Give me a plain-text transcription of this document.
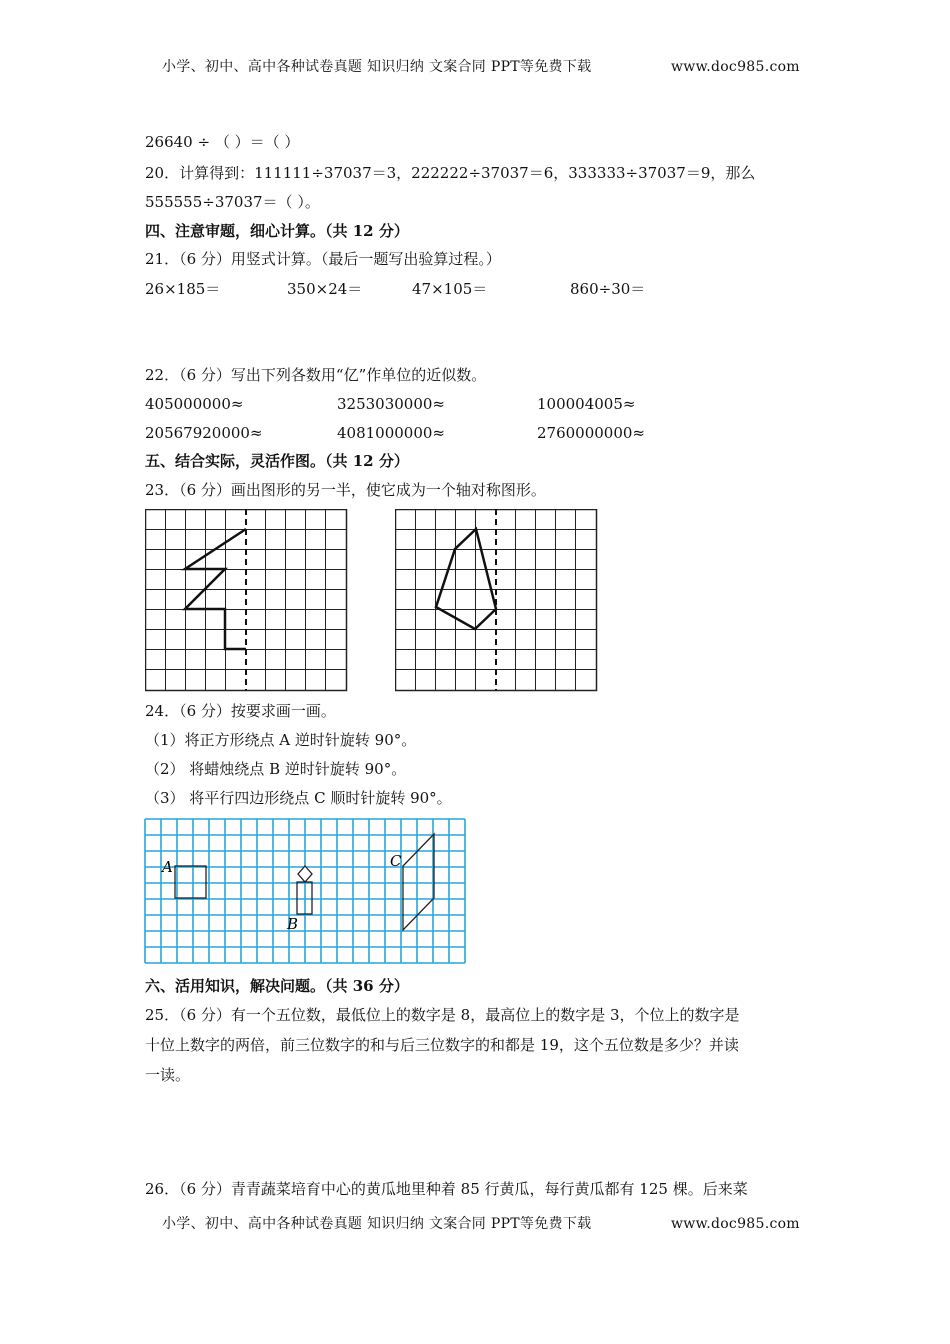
小学、初中、高中各种试卷真题 知识归纳 文案合同 PPT等免费下载	www.doc985.com
26640 ÷ （ ）＝（ ）
20．计算得到：111111÷37037＝3，222222÷37037＝6，333333÷37037＝9，那么
555555÷37037＝（ ）。
四、注意审题，细心计算。（共 12 分）
21．（6 分）用竖式计算。（最后一题写出验算过程。）
26×185＝	350×24＝	47×105＝	860÷30＝
22．（6 分）写出下列各数用“亿”作单位的近似数。
405000000≈	3253030000≈	100004005≈
20567920000≈	4081000000≈	2760000000≈
五、结合实际，灵活作图。（共 12 分）
23．（6 分）画出图形的另一半，使它成为一个轴对称图形。
24．（6 分）按要求画一画。
（1）将正方形绕点 A 逆时针旋转 90°。
（2） 将蜡烛绕点 B 逆时针旋转 90°。
（3） 将平行四边形绕点 C 顺时针旋转 90°。
A
B
C
六、活用知识，解决问题。（共 36 分）
25．（6 分）有一个五位数，最低位上的数字是 8，最高位上的数字是 3，个位上的数字是
十位上数字的两倍，前三位数字的和与后三位数字的和都是 19，这个五位数是多少？并读
一读。
26．（6 分）青青蔬菜培育中心的黄瓜地里种着 85 行黄瓜，每行黄瓜都有 125 棵。后来菜
小学、初中、高中各种试卷真题 知识归纳 文案合同 PPT等免费下载	www.doc985.com
